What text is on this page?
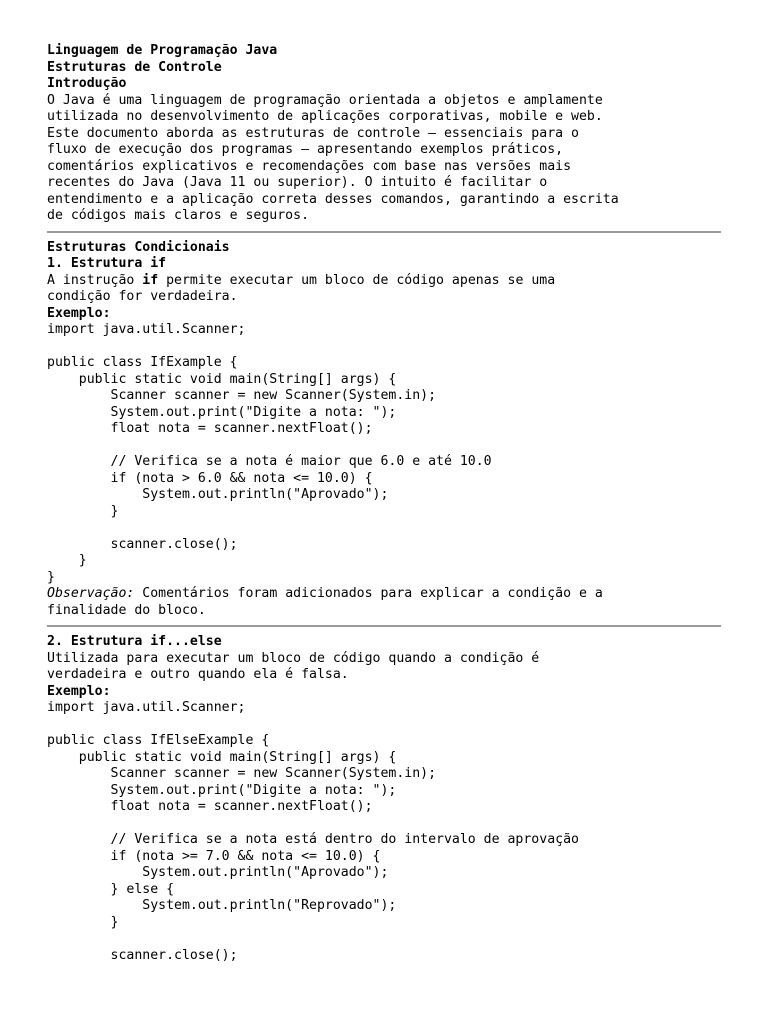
Linguagem de Programação Java
Estruturas de Controle
Introdução
O Java é uma linguagem de programação orientada a objetos e amplamente
utilizada no desenvolvimento de aplicações corporativas, mobile e web.
Este documento aborda as estruturas de controle – essenciais para o
fluxo de execução dos programas – apresentando exemplos práticos,
comentários explicativos e recomendações com base nas versões mais
recentes do Java (Java 11 ou superior). O intuito é facilitar o
entendimento e a aplicação correta desses comandos, garantindo a escrita
de códigos mais claros e seguros.
Estruturas Condicionais
1. Estrutura if
A instrução if permite executar um bloco de código apenas se uma
condição for verdadeira.
Exemplo:
import java.util.Scanner;

public class IfExample {
public static void main(String[] args) {
Scanner scanner = new Scanner(System.in);
System.out.print("Digite a nota: ");
float nota = scanner.nextFloat();

// Verifica se a nota é maior que 6.0 e até 10.0
if (nota > 6.0 && nota <= 10.0) {
System.out.println("Aprovado");
}

scanner.close();
}
}
Observação: Comentários foram adicionados para explicar a condição e a
finalidade do bloco.
2. Estrutura if...else
Utilizada para executar um bloco de código quando a condição é
verdadeira e outro quando ela é falsa.
Exemplo:
import java.util.Scanner;

public class IfElseExample {
public static void main(String[] args) {
Scanner scanner = new Scanner(System.in);
System.out.print("Digite a nota: ");
float nota = scanner.nextFloat();

// Verifica se a nota está dentro do intervalo de aprovação
if (nota >= 7.0 && nota <= 10.0) {
System.out.println("Aprovado");
} else {
System.out.println("Reprovado");
}

scanner.close();
